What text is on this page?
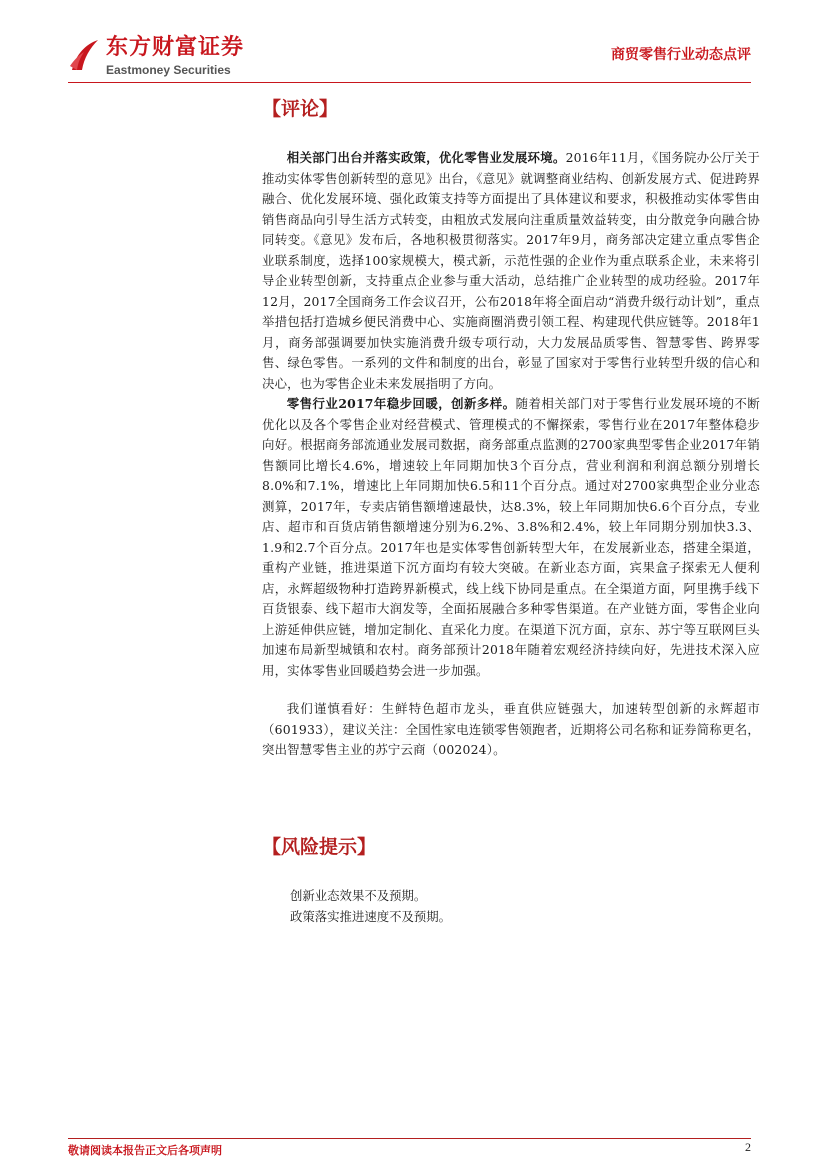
东方财富证券
Eastmoney Securities
商贸零售行业动态点评
【评论】

相关部门出台并落实政策，优化零售业发展环境。2016年11月，《国务院办公厅关于推动实体零售创新转型的意见》出台，《意见》就调整商业结构、创新发展方式、促进跨界融合、优化发展环境、强化政策支持等方面提出了具体建议和要求，积极推动实体零售由销售商品向引导生活方式转变，由粗放式发展向注重质量效益转变，由分散竞争向融合协同转变。《意见》发布后，各地积极贯彻落实。2017年9月，商务部决定建立重点零售企业联系制度，选择100家规模大，模式新，示范性强的企业作为重点联系企业，未来将引导企业转型创新，支持重点企业参与重大活动，总结推广企业转型的成功经验。2017年12月，2017全国商务工作会议召开，公布2018年将全面启动“消费升级行动计划”，重点举措包括打造城乡便民消费中心、实施商圈消费引领工程、构建现代供应链等。2018年1月，商务部强调要加快实施消费升级专项行动，大力发展品质零售、智慧零售、跨界零售、绿色零售。一系列的文件和制度的出台，彰显了国家对于零售行业转型升级的信心和决心，也为零售企业未来发展指明了方向。

零售行业2017年稳步回暖，创新多样。随着相关部门对于零售行业发展环境的不断优化以及各个零售企业对经营模式、管理模式的不懈探索，零售行业在2017年整体稳步向好。根据商务部流通业发展司数据，商务部重点监测的2700家典型零售企业2017年销售额同比增长4.6%，增速较上年同期加快3个百分点，营业利润和利润总额分别增长8.0%和7.1%，增速比上年同期加快6.5和11个百分点。通过对2700家典型企业分业态测算，2017年，专卖店销售额增速最快，达8.3%，较上年同期加快6.6个百分点，专业店、超市和百货店销售额增速分别为6.2%、3.8%和2.4%，较上年同期分别加快3.3、1.9和2.7个百分点。2017年也是实体零售创新转型大年，在发展新业态，搭建全渠道，重构产业链，推进渠道下沉方面均有较大突破。在新业态方面，宾果盒子探索无人便利店，永辉超级物种打造跨界新模式，线上线下协同是重点。在全渠道方面，阿里携手线下百货银泰、线下超市大润发等，全面拓展融合多种零售渠道。在产业链方面，零售企业向上游延伸供应链，增加定制化、直采化力度。在渠道下沉方面，京东、苏宁等互联网巨头加速布局新型城镇和农村。商务部预计2018年随着宏观经济持续向好，先进技术深入应用，实体零售业回暖趋势会进一步加强。

我们谨慎看好：生鲜特色超市龙头，垂直供应链强大，加速转型创新的永辉超市（601933），建议关注：全国性家电连锁零售领跑者，近期将公司名称和证券简称更名，突出智慧零售主业的苏宁云商（002024）。

【风险提示】
创新业态效果不及预期。
政策落实推进速度不及预期。
敬请阅读本报告正文后各项声明	2
